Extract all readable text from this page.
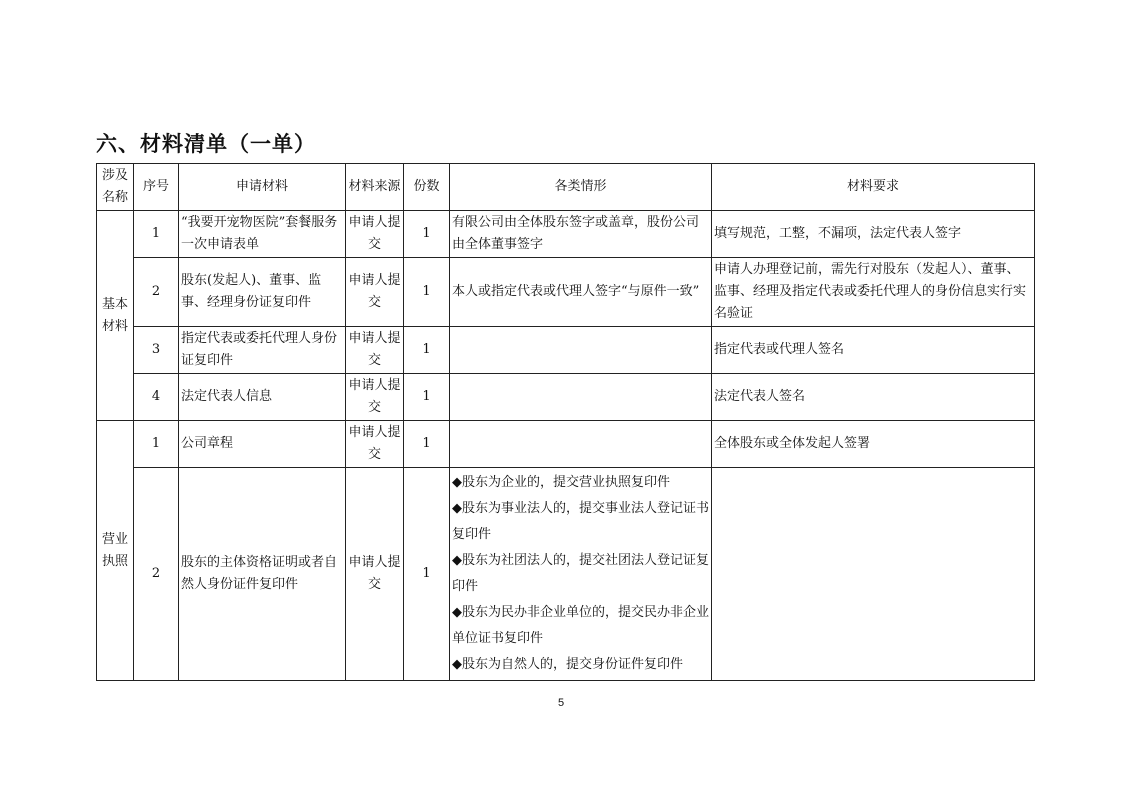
六、材料清单（一单）
涉及名称	序号	申请材料	材料来源	份数	各类情形	材料要求
基本材料	1	“我要开宠物医院”套餐服务一次申请表单	申请人提交	1	有限公司由全体股东签字或盖章，股份公司由全体董事签字	填写规范，工整，不漏项，法定代表人签字
	2	股东(发起人)、董事、监事、经理身份证复印件	申请人提交	1	本人或指定代表或代理人签字“与原件一致”	申请人办理登记前，需先行对股东（发起人）、董事、监事、经理及指定代表或委托代理人的身份信息实行实名验证
	3	指定代表或委托代理人身份证复印件	申请人提交	1		指定代表或代理人签名
	4	法定代表人信息	申请人提交	1		法定代表人签名
营业执照	1	公司章程	申请人提交	1		全体股东或全体发起人签署
	2	股东的主体资格证明或者自然人身份证件复印件	申请人提交	1	◆股东为企业的，提交营业执照复印件
◆股东为事业法人的，提交事业法人登记证书复印件
◆股东为社团法人的，提交社团法人登记证复印件
◆股东为民办非企业单位的，提交民办非企业单位证书复印件
◆股东为自然人的，提交身份证件复印件	

5
